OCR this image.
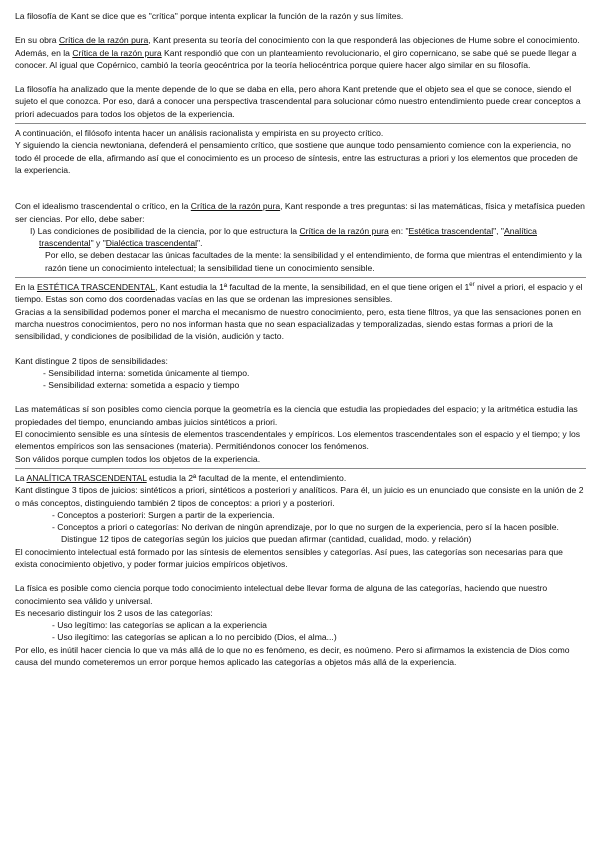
La filosofía de Kant se dice que es "crítica" porque intenta explicar la función de la razón y sus límites.

En su obra Crítica de la razón pura, Kant presenta su teoría del conocimiento con la que responderá las objeciones de Hume sobre el conocimiento.

Además, en la Crítica de la razón pura Kant respondió que con un planteamiento revolucionario, el giro copernicano, se sabe qué se puede llegar a conocer. Al igual que Copérnico, cambió la teoría geocéntrica por la teoría heliocéntrica porque quiere hacer algo similar en su filosofía.

La filosofía ha analizado que la mente depende de lo que se daba en ella, pero ahora Kant pretende que el objeto sea el que se conoce, siendo el sujeto el que conozca. Por eso, dará a conocer una perspectiva trascendental para solucionar cómo nuestro entendimiento puede crear conceptos a priori adecuados para todos los objetos de la experiencia.

A continuación, el filósofo intenta hacer un análisis racionalista y empirista en su proyecto crítico.

Y siguiendo la ciencia newtoniana, defenderá el pensamiento crítico, que sostiene que aunque todo pensamiento comience con la experiencia, no todo él procede de ella, afirmando así que el conocimiento es un proceso de síntesis, entre las estructuras a priori y los elementos que proceden de la experiencia.

Con el idealismo trascendental o crítico, en la Crítica de la razón pura, Kant responde a tres preguntas: si las matemáticas, física y metafísica pueden ser ciencias. Por ello, debe saber:

I) Las condiciones de posibilidad de la ciencia, por lo que estructura la Crítica de la razón pura en: "Estética trascendental", "Analítica trascendental" y "Dialéctica trascendental".

Por ello, se deben destacar las únicas facultades de la mente: la sensibilidad y el entendimiento, de forma que mientras el entendimiento y la razón tiene un conocimiento intelectual; la sensibilidad tiene un conocimiento sensible.

En la ESTÉTICA TRASCENDENTAL, Kant estudia la 1ª facultad de la mente, la sensibilidad, en el que tiene origen el 1er nivel a priori, el espacio y el tiempo. Estas son como dos coordenadas vacías en las que se ordenan las impresiones sensibles.

Gracias a la sensibilidad podemos poner el marcha el mecanismo de nuestro conocimiento, pero, esta tiene filtros, ya que las sensaciones ponen en marcha nuestros conocimientos, pero no nos informan hasta que no sean espacializadas y temporalizadas, siendo estas formas a priori de la sensibilidad, y condiciones de posibilidad de la visión, audición y tacto.

Kant distingue 2 tipos de sensibilidades:

- Sensibilidad interna: sometida únicamente al tiempo.

- Sensibilidad externa: sometida a espacio y tiempo

Las matemáticas sí son posibles como ciencia porque la geometría es la ciencia que estudia las propiedades del espacio; y la aritmética estudia las propiedades del tiempo, enunciando ambas juicios sintéticos a priori.

El conocimiento sensible es una síntesis de elementos trascendentales y empíricos. Los elementos trascendentales son el espacio y el tiempo; y los elementos empíricos son las sensaciones (materia). Permitiéndonos conocer los fenómenos.

Son válidos porque cumplen todos los objetos de la experiencia.

La ANALÍTICA TRASCENDENTAL estudia la 2ª facultad de la mente, el entendimiento.

Kant distingue 3 tipos de juicios: sintéticos a priori, sintéticos a posteriori y analíticos. Para él, un juicio es un enunciado que consiste en la unión de 2 o más conceptos, distinguiendo también 2 tipos de conceptos: a priori y a posteriori.

- Conceptos a posteriori: Surgen a partir de la experiencia.

- Conceptos a priori o categorías: No derivan de ningún aprendizaje, por lo que no surgen de la experiencia, pero sí la hacen posible. Distingue 12 tipos de categorías según los juicios que puedan afirmar (cantidad, cualidad, modo. y relación)

El conocimiento intelectual está formado por las síntesis de elementos sensibles y categorías. Así pues, las categorías son necesarias para que exista conocimiento objetivo, y poder formar juicios empíricos objetivos.

La física es posible como ciencia porque todo conocimiento intelectual debe llevar forma de alguna de las categorías, haciendo que nuestro conocimiento sea válido y universal.

Es necesario distinguir los 2 usos de las categorías:

- Uso legítimo: las categorías se aplican a la experiencia

- Uso ilegítimo: las categorías se aplican a lo no percibido (Dios, el alma...)

Por ello, es inútil hacer ciencia lo que va más allá de lo que no es fenómeno, es decir, es noúmeno. Pero si afirmamos la existencia de Dios como causa del mundo cometeremos un error porque hemos aplicado las categorías a objetos más allá de la experiencia.
